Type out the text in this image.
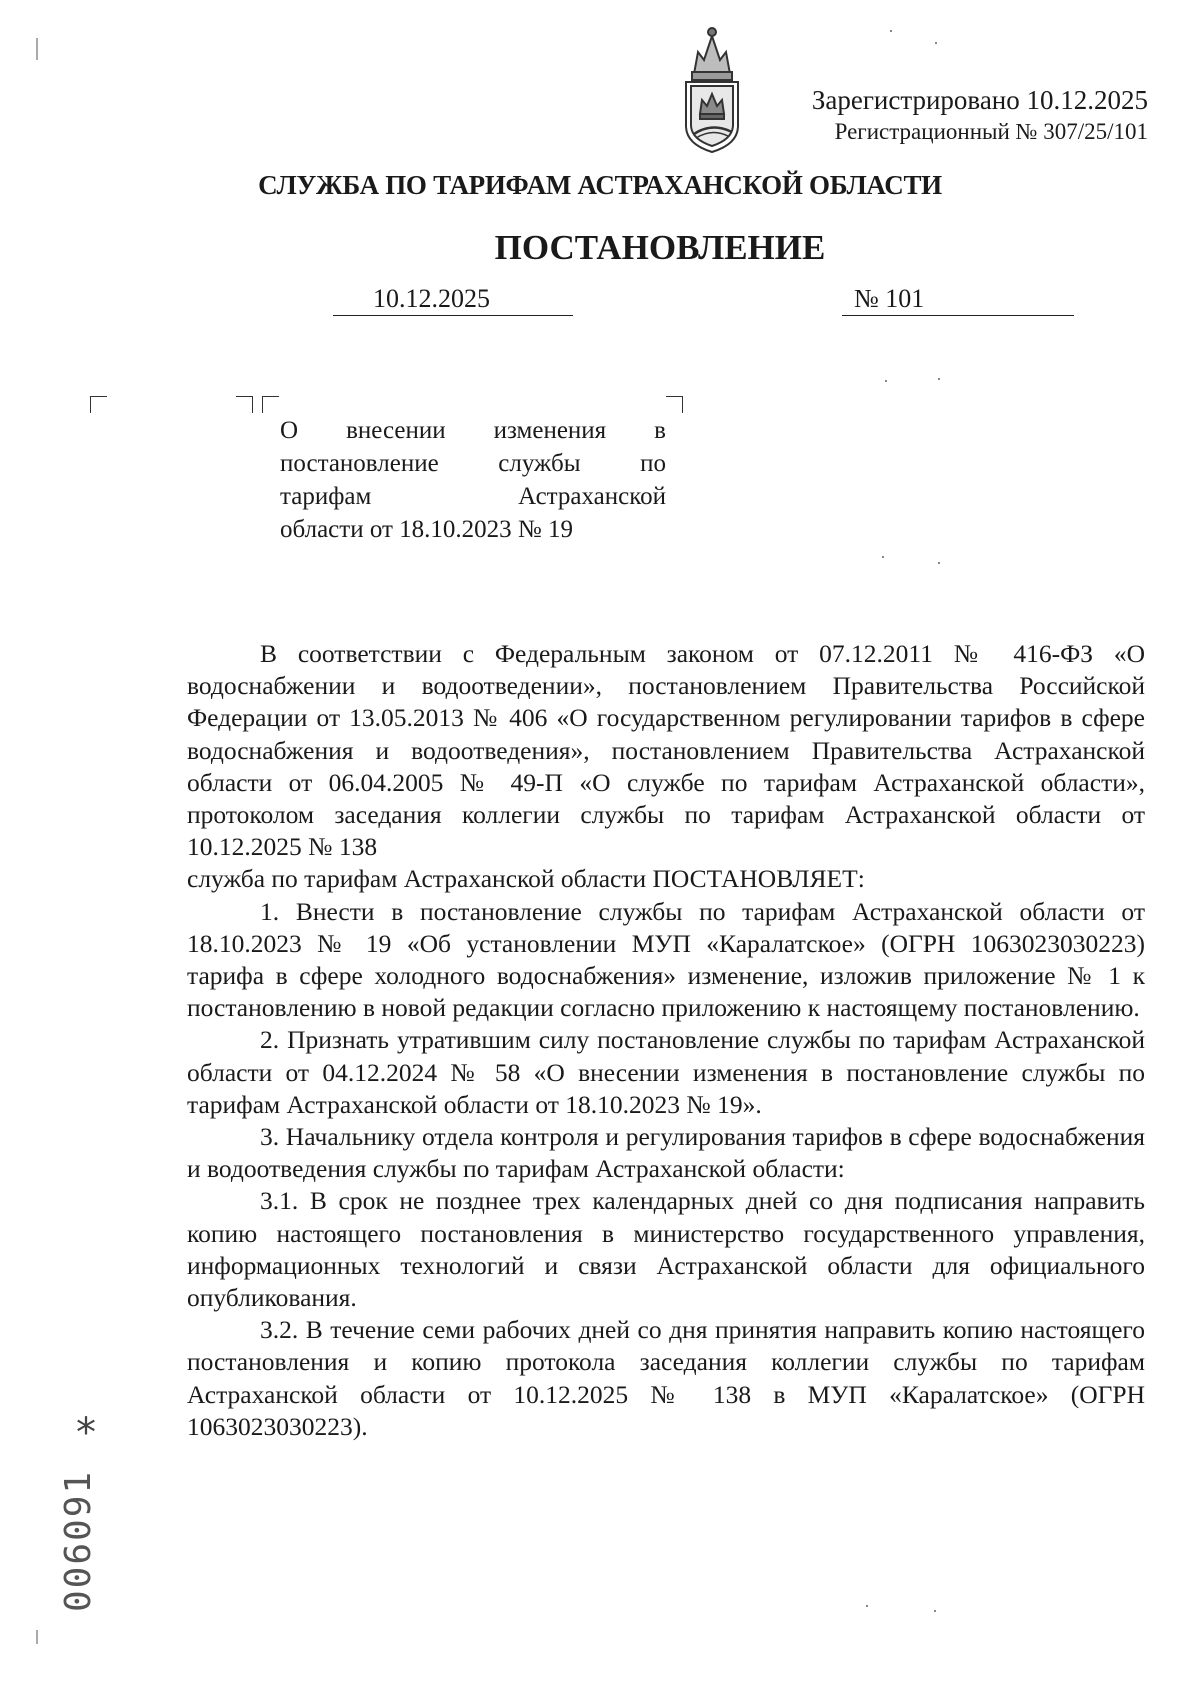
Зарегистрировано 10.12.2025
Регистрационный № 307/25/101
СЛУЖБА ПО ТАРИФАМ АСТРАХАНСКОЙ ОБЛАСТИ
ПОСТАНОВЛЕНИЕ
10.12.2025	№ 101
О внесении изменения в
постановление службы по
тарифам Астраханской
области от 18.10.2023 № 19

В соответствии с Федеральным законом от 07.12.2011 № 416-ФЗ «О водоснабжении и водоотведении», постановлением Правительства Российской Федерации от 13.05.2013 № 406 «О государственном регулировании тарифов в сфере водоснабжения и водоотведения», постановлением Правительства Астраханской области от 06.04.2005 № 49-П «О службе по тарифам Астраханской области», протоколом заседания коллегии службы по тарифам Астраханской области от 10.12.2025 № 138

служба по тарифам Астраханской области ПОСТАНОВЛЯЕТ:

1. Внести в постановление службы по тарифам Астраханской области от 18.10.2023 № 19 «Об установлении МУП «Каралатское» (ОГРН 1063023030223) тарифа в сфере холодного водоснабжения» изменение, изложив приложение № 1 к постановлению в новой редакции согласно приложению к настоящему постановлению.

2. Признать утратившим силу постановление службы по тарифам Астраханской области от 04.12.2024 № 58 «О внесении изменения в постановление службы по тарифам Астраханской области от 18.10.2023 № 19».

3. Начальнику отдела контроля и регулирования тарифов в сфере водоснабжения и водоотведения службы по тарифам Астраханской области:

3.1. В срок не позднее трех календарных дней со дня подписания направить копию настоящего постановления в министерство государственного управления, информационных технологий и связи Астраханской области для официального опубликования.

3.2. В течение семи рабочих дней со дня принятия направить копию настоящего постановления и копию протокола заседания коллегии службы по тарифам Астраханской области от 10.12.2025 № 138 в МУП «Каралатское» (ОГРН 1063023030223).

*
006091
